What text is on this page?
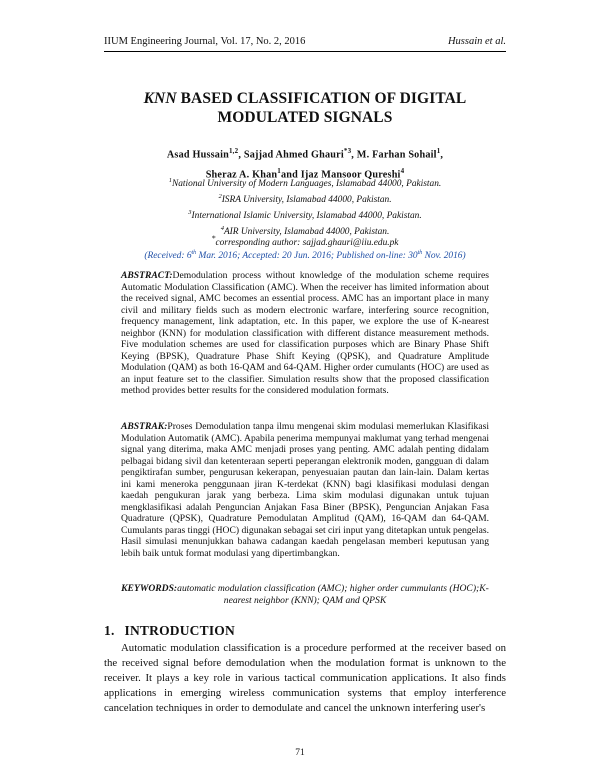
IIUM Engineering Journal, Vol. 17, No. 2, 2016	Hussain et al.
KNN BASED CLASSIFICATION OF DIGITAL MODULATED SIGNALS
Asad Hussain$^{1,2}$, Sajjad Ahmed Ghauri$^{*3}$, M. Farhan Sohail$^1$,
Sheraz A. Khan$^1$and Ijaz Mansoor Qureshi$^4$
$^1$National University of Modern Languages, Islamabad 44000, Pakistan.
$^2$ISRA University, Islamabad 44000, Pakistan.
$^3$International Islamic University, Islamabad 44000, Pakistan.
$^4$AIR University, Islamabad 44000, Pakistan.
*corresponding author: sajjad.ghauri@iiu.edu.pk
(Received: 6th Mar. 2016; Accepted: 20 Jun. 2016; Published on-line: 30th Nov. 2016)
ABSTRACT:Demodulation process without knowledge of the modulation scheme requires Automatic Modulation Classification (AMC). When the receiver has limited information about the received signal, AMC becomes an essential process. AMC has an important place in many civil and military fields such as modern electronic warfare, interfering source recognition, frequency management, link adaptation, etc. In this paper, we explore the use of K-nearest neighbor (KNN) for modulation classification with different distance measurement methods. Five modulation schemes are used for classification purposes which are Binary Phase Shift Keying (BPSK), Quadrature Phase Shift Keying (QPSK), and Quadrature Amplitude Modulation (QAM) as both 16-QAM and 64-QAM. Higher order cumulants (HOC) are used as an input feature set to the classifier. Simulation results show that the proposed classification method provides better results for the considered modulation formats.
ABSTRAK:Proses Demodulation tanpa ilmu mengenai skim modulasi memerlukan Klasifikasi Modulation Automatik (AMC). Apabila penerima mempunyai maklumat yang terhad mengenai signal yang diterima, maka AMC menjadi proses yang penting. AMC adalah penting didalam pelbagai bidang sivil dan ketenteraan seperti peperangan elektronik moden, gangguan di dalam pengiktirafan sumber, pengurusan kekerapan, penyesuaian pautan dan lain-lain. Dalam kertas ini kami meneroka penggunaan jiran K-terdekat (KNN) bagi klasifikasi modulasi dengan kaedah pengukuran jarak yang berbeza. Lima skim modulasi digunakan untuk tujuan mengklasifikasi adalah Penguncian Anjakan Fasa Biner (BPSK), Penguncian Anjakan Fasa Quadrature (QPSK), Quadrature Pemodulatan Amplitud (QAM), 16-QAM dan 64-QAM. Cumulants paras tinggi (HOC) digunakan sebagai set ciri input yang ditetapkan untuk pengelas. Hasil simulasi menunjukkan bahawa cadangan kaedah pengelasan memberi keputusan yang lebih baik untuk format modulasi yang dipertimbangkan.
KEYWORDS:automatic modulation classification (AMC); higher order cummulants (HOC);K-nearest neighbor (KNN); QAM and QPSK
1. INTRODUCTION
Automatic modulation classification is a procedure performed at the receiver based on the received signal before demodulation when the modulation format is unknown to the receiver. It plays a key role in various tactical communication applications. It also finds applications in emerging wireless communication systems that employ interference cancelation techniques in order to demodulate and cancel the unknown interfering user's
71
